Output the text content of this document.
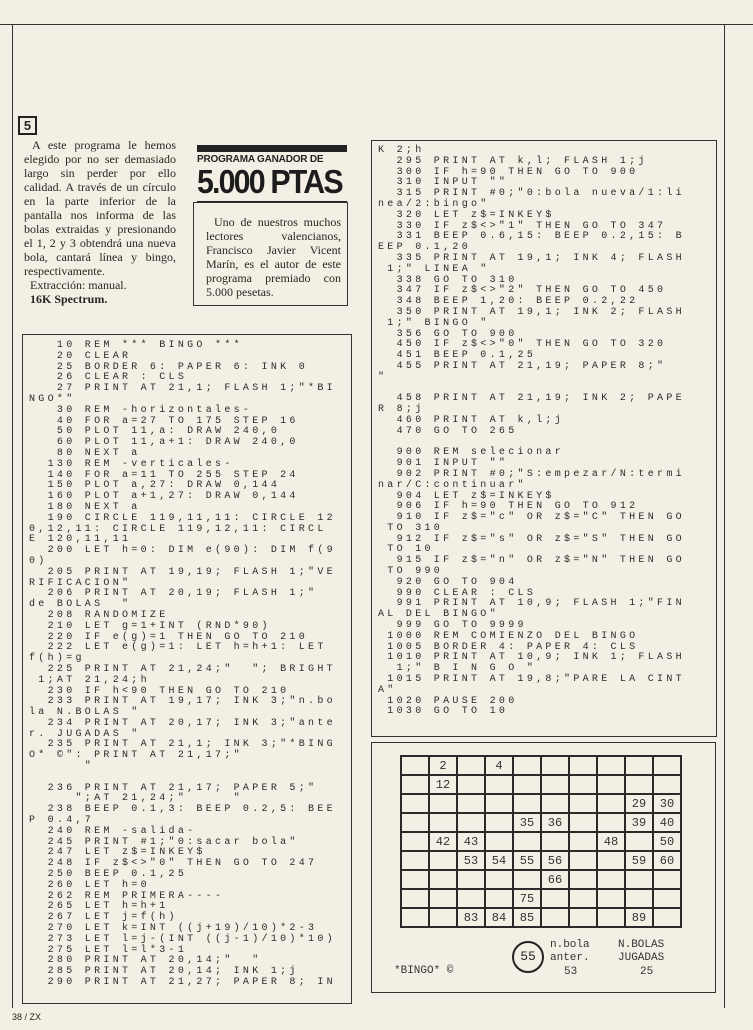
5

A este programa le hemos elegido por no ser demasiado largo sin perder por ello calidad. A través de un círculo en la parte inferior de la pantalla nos informa de las bolas extraidas y presionando el 1, 2 y 3 obtendrá una nueva bola, cantará línea y bingo, respectivamente.

Extracción: manual.

16K Spectrum.

PROGRAMA GANADOR DE
5.000 PTAS

Uno de nuestros muchos lectores valencianos, Francisco Javier Vicent Marín, es el autor de este programa premiado con 5.000 pesetas.

10 REM *** BINGO ***
20 CLEAR
25 BORDER 6: PAPER 6: INK 0
26 CLEAR : CLS
27 PRINT AT 21,1; FLASH 1;"*BI
NGO*"
30 REM -horizontales-
40 FOR a=27 TO 175 STEP 16
50 PLOT 11,a: DRAW 240,0
60 PLOT 11,a+1: DRAW 240,0
80 NEXT a
130 REM -verticales-
140 FOR a=11 TO 255 STEP 24
150 PLOT a,27: DRAW 0,144
160 PLOT a+1,27: DRAW 0,144
180 NEXT a
190 CIRCLE 119,11,11: CIRCLE 12
0,12,11: CIRCLE 119,12,11: CIRCL
E 120,11,11
200 LET h=0: DIM e(90): DIM f(9
0)
205 PRINT AT 19,19; FLASH 1;"VE
RIFICACION"
206 PRINT AT 20,19; FLASH 1;"
de BOLAS  "
208 RANDOMIZE
210 LET g=1+INT (RND*90)
220 IF e(g)=1 THEN GO TO 210
222 LET e(g)=1: LET h=h+1: LET
f(h)=g
225 PRINT AT 21,24;"  "; BRIGHT
1;AT 21,24;h
230 IF h<90 THEN GO TO 210
233 PRINT AT 19,17; INK 3;"n.bo
la N.BOLAS "
234 PRINT AT 20,17; INK 3;"ante
r. JUGADAS "
235 PRINT AT 21,1; INK 3;"*BING
O* ©": PRINT AT 21,17;"
"

236 PRINT AT 21,17; PAPER 5;"
";AT 21,24;"     "
238 BEEP 0.1,3: BEEP 0.2,5: BEE
P 0.4,7
240 REM -salida-
245 PRINT #1;"0:sacar bola"
247 LET z$=INKEY$
248 IF z$<>"0" THEN GO TO 247
250 BEEP 0.1,25
260 LET h=0
262 REM PRIMERA----
265 LET h=h+1
267 LET j=f(h)
270 LET k=INT ((j+19)/10)*2-3
273 LET l=j-(INT ((j-1)/10)*10)
275 LET l=l*3-1
280 PRINT AT 20,14;"  "
285 PRINT AT 20,14; INK 1;j
290 PRINT AT 21,27; PAPER 8; IN

K 2;h
295 PRINT AT k,l; FLASH 1;j
300 IF h=90 THEN GO TO 900
310 INPUT ""
315 PRINT #0;"0:bola nueva/1:li
nea/2:bingo"
320 LET z$=INKEY$
330 IF z$<>"1" THEN GO TO 347
331 BEEP 0.6,15: BEEP 0.2,15: B
EEP 0.1,20
335 PRINT AT 19,1; INK 4; FLASH
1;" LINEA "
338 GO TO 310
347 IF z$<>"2" THEN GO TO 450
348 BEEP 1,20: BEEP 0.2,22
350 PRINT AT 19,1; INK 2; FLASH
1;" BINGO "
356 GO TO 900
450 IF z$<>"0" THEN GO TO 320
451 BEEP 0.1,25
455 PRINT AT 21,19; PAPER 8;"
"

458 PRINT AT 21,19; INK 2; PAPE
R 8;j
460 PRINT AT k,l;j
470 GO TO 265

900 REM selecionar
901 INPUT ""
902 PRINT #0;"S:empezar/N:termi
nar/C:continuar"
904 LET z$=INKEY$
906 IF h=90 THEN GO TO 912
910 IF z$="c" OR z$="C" THEN GO
TO 310
912 IF z$="s" OR z$="S" THEN GO
TO 10
915 IF z$="n" OR z$="N" THEN GO
TO 990
920 GO TO 904
990 CLEAR : CLS
991 PRINT AT 10,9; FLASH 1;"FIN
AL DEL BINGO"
999 GO TO 9999
1000 REM COMIENZO DEL BINGO
1005 BORDER 4: PAPER 4: CLS
1010 PRINT AT 10,9; INK 1; FLASH
1;" B I N G O "
1015 PRINT AT 19,8;"PARE LA CINT
A"
1020 PAUSE 200
1030 GO TO 10

	2		4						
	12								
								29	30
				35	36			39	40
	42	43					48		50
		53	54	55	56			59	60
					66				
				75					
		83	84	85				89	
*BINGO* ©
55
n.bola
anter.
53
N.BOLAS
JUGADAS
25
38 / ZX
